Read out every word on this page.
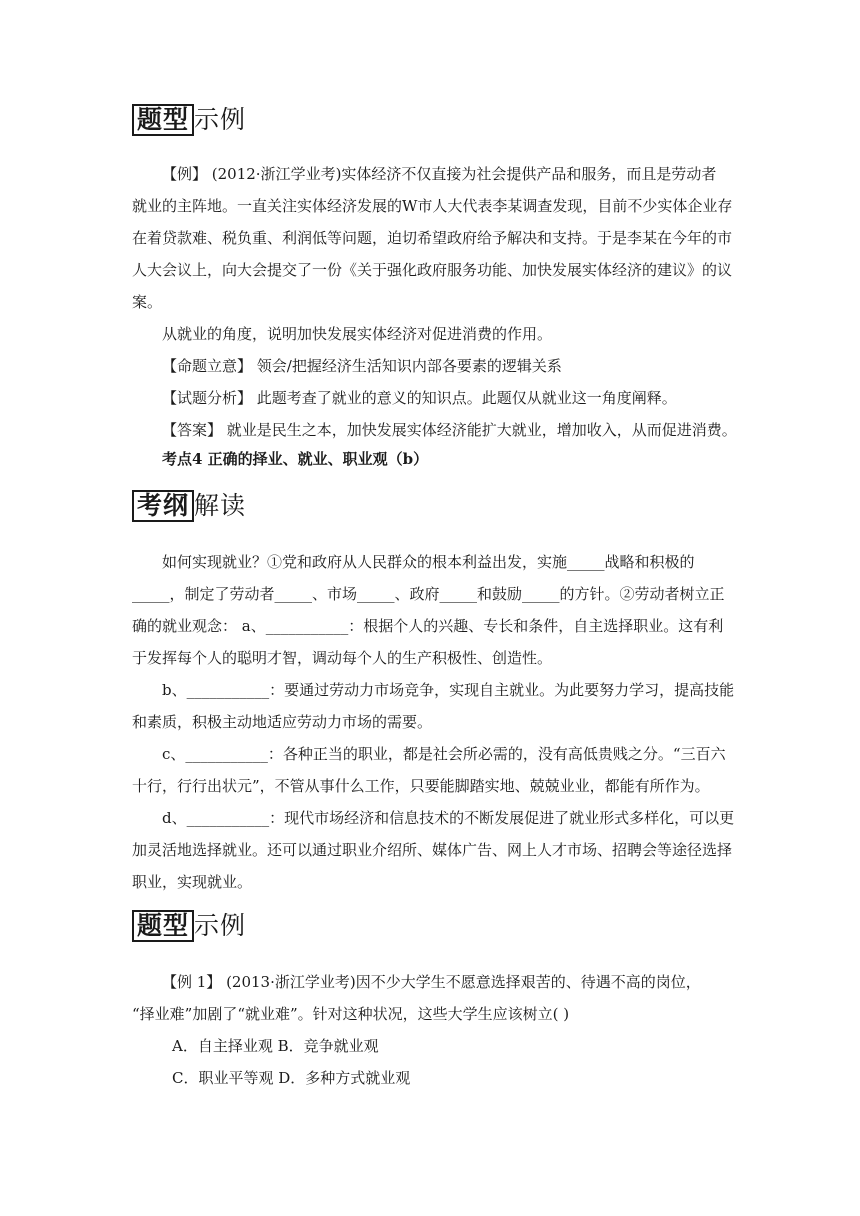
题型 示例
【例】 (2012·浙江学业考)实体经济不仅直接为社会提供产品和服务，而且是劳动者
就业的主阵地。一直关注实体经济发展的W市人大代表李某调查发现，目前不少实体企业存
在着贷款难、税负重、利润低等问题，迫切希望政府给予解决和支持。于是李某在今年的市
人大会议上，向大会提交了一份《关于强化政府服务功能、加快发展实体经济的建议》的议
案。
从就业的角度，说明加快发展实体经济对促进消费的作用。
【命题立意】 领会/把握经济生活知识内部各要素的逻辑关系
【试题分析】 此题考查了就业的意义的知识点。此题仅从就业这一角度阐释。
【答案】 就业是民生之本，加快发展实体经济能扩大就业，增加收入，从而促进消费。
考点4 正确的择业、就业、职业观（b）
考纲 解读
如何实现就业？①党和政府从人民群众的根本利益出发，实施_____战略和积极的
_____，制定了劳动者_____、市场_____、政府_____和鼓励_____的方针。②劳动者树立正
确的就业观念： a、___________：根据个人的兴趣、专长和条件，自主选择职业。这有利
于发挥每个人的聪明才智，调动每个人的生产积极性、创造性。
b、___________：要通过劳动力市场竞争，实现自主就业。为此要努力学习，提高技能
和素质，积极主动地适应劳动力市场的需要。
c、___________：各种正当的职业，都是社会所必需的，没有高低贵贱之分。“三百六
十行，行行出状元”，不管从事什么工作，只要能脚踏实地、兢兢业业，都能有所作为。
d、___________：现代市场经济和信息技术的不断发展促进了就业形式多样化，可以更
加灵活地选择就业。还可以通过职业介绍所、媒体广告、网上人才市场、招聘会等途径选择
职业，实现就业。
题型 示例
【例 1】 (2013·浙江学业考)因不少大学生不愿意选择艰苦的、待遇不高的岗位，
“择业难”加剧了“就业难”。针对这种状况，这些大学生应该树立( )
A．自主择业观 B．竞争就业观
C．职业平等观 D．多种方式就业观
